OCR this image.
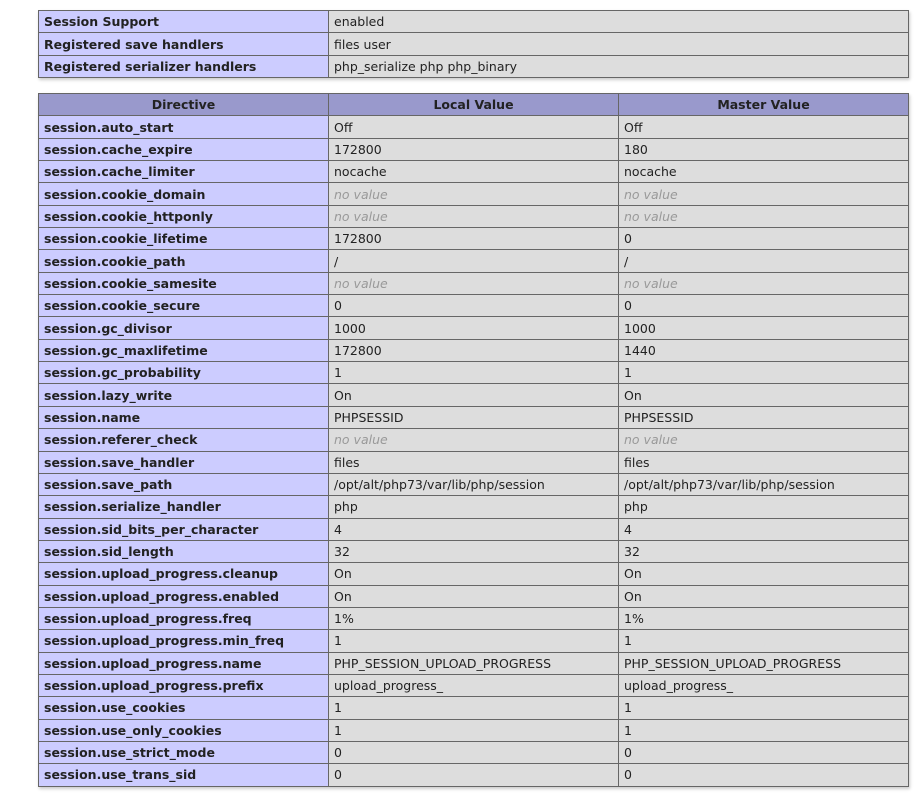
Session Support	enabled
Registered save handlers	files user
Registered serializer handlers	php_serialize php php_binary
Directive	Local Value	Master Value
session.auto_start	Off	Off
session.cache_expire	172800	180
session.cache_limiter	nocache	nocache
session.cookie_domain	no value	no value
session.cookie_httponly	no value	no value
session.cookie_lifetime	172800	0
session.cookie_path	/	/
session.cookie_samesite	no value	no value
session.cookie_secure	0	0
session.gc_divisor	1000	1000
session.gc_maxlifetime	172800	1440
session.gc_probability	1	1
session.lazy_write	On	On
session.name	PHPSESSID	PHPSESSID
session.referer_check	no value	no value
session.save_handler	files	files
session.save_path	/opt/alt/php73/var/lib/php/session	/opt/alt/php73/var/lib/php/session
session.serialize_handler	php	php
session.sid_bits_per_character	4	4
session.sid_length	32	32
session.upload_progress.cleanup	On	On
session.upload_progress.enabled	On	On
session.upload_progress.freq	1%	1%
session.upload_progress.min_freq	1	1
session.upload_progress.name	PHP_SESSION_UPLOAD_PROGRESS	PHP_SESSION_UPLOAD_PROGRESS
session.upload_progress.prefix	upload_progress_	upload_progress_
session.use_cookies	1	1
session.use_only_cookies	1	1
session.use_strict_mode	0	0
session.use_trans_sid	0	0
